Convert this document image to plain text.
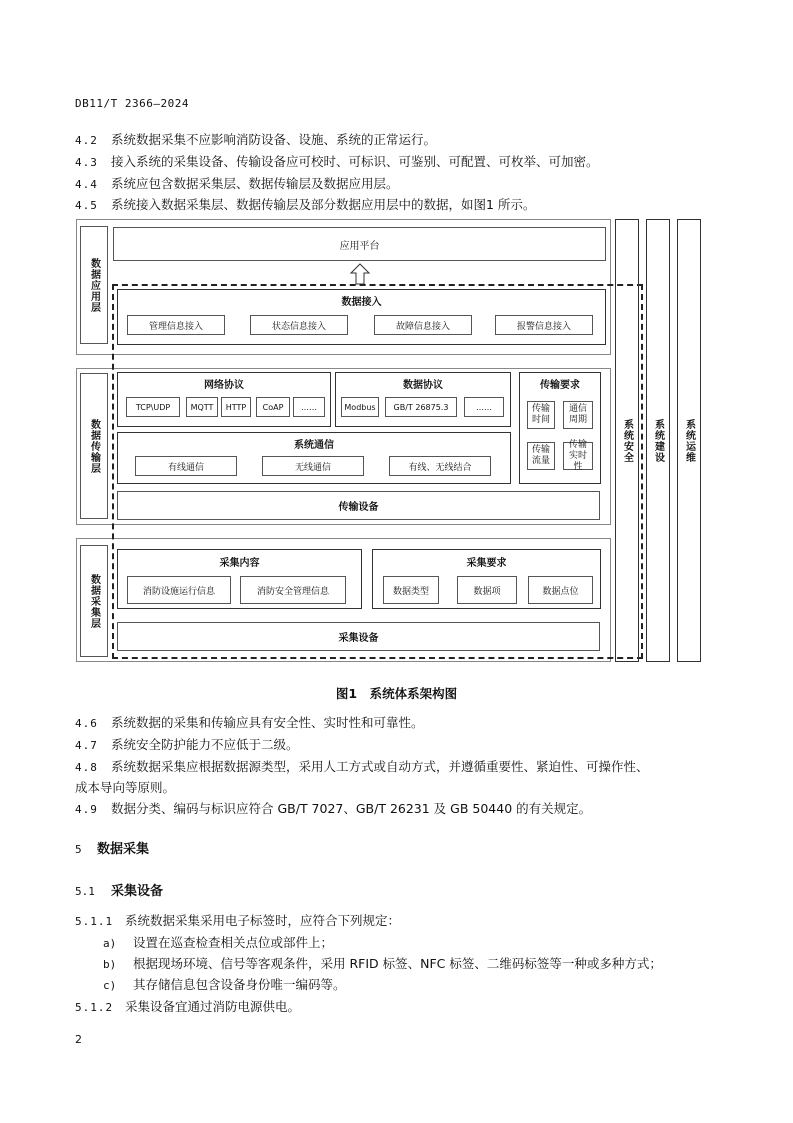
DB11/T 2366—2024
4.2 系统数据采集不应影响消防设备、设施、系统的正常运行。
4.3 接入系统的采集设备、传输设备应可校时、可标识、可鉴别、可配置、可枚举、可加密。
4.4 系统应包含数据采集层、数据传输层及数据应用层。
4.5 系统接入数据采集层、数据传输层及部分数据应用层中的数据，如图1 所示。
数据应用层
数据传输层
数据采集层
应用平台
数据接入
管理信息接入	状态信息接入	故障信息接入	报警信息接入
网络协议
TCP\UDP	MQTT	HTTP	CoAP	……
数据协议
Modbus	GB/T 26875.3	……
系统通信
有线通信	无线通信	有线、无线结合
传输要求
传输时间
通信周期
传输流量
传输实时性
传输设备
采集内容
消防设施运行信息	消防安全管理信息
采集要求
数据类型	数据项	数据点位
采集设备
系统安全 系统建设 系统运维
图1　系统体系架构图
4.6 系统数据的采集和传输应具有安全性、实时性和可靠性。
4.7 系统安全防护能力不应低于二级。
4.8 系统数据采集应根据数据源类型，采用人工方式或自动方式，并遵循重要性、紧迫性、可操作性、
成本导向等原则。
4.9 数据分类、编码与标识应符合 GB/T 7027、GB/T 26231 及 GB 50440 的有关规定。
5 数据采集
5.1 采集设备
5.1.1 系统数据采集采用电子标签时，应符合下列规定：
a) 设置在巡查检查相关点位或部件上；
b) 根据现场环境、信号等客观条件，采用 RFID 标签、NFC 标签、二维码标签等一种或多种方式；
c) 其存储信息包含设备身份唯一编码等。
5.1.2 采集设备宜通过消防电源供电。
2
